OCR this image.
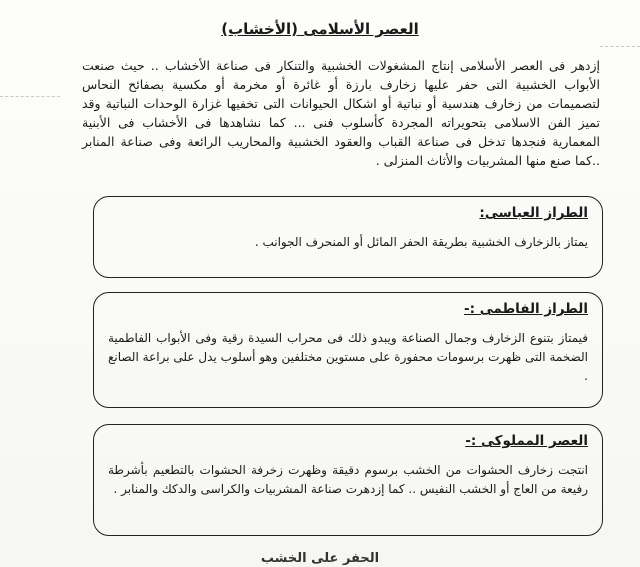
العصر الأسلامى (الأخشاب)
إزدهر فى العصر الأسلامى إنتاج المشغولات الخشبية والتنكار فى صناعة الأخشاب .. حيث صنعت الأبواب الخشبية التى حفر عليها زخارف بارزة أو غائرة أو مخرمة أو مكسية بصفائح النحاس لتصميمات من زخارف هندسية أو نباتية أو اشكال الحيوانات التى تخفيها غزارة الوحدات النباتية وقد تميز الفن الاسلامى بتحويراته المجردة كأسلوب فنى ... كما نشاهدها فى الأخشاب فى الأبنية المعمارية فنجدها تدخل فى صناعة القباب والعقود الخشبية والمحاريب الرائعة وفى صناعة المنابر ..كما صنع منها المشربيات والأثاث المنزلى .
الطراز العباسى:
يمتاز بالزخارف الخشبية بطريقة الحفر المائل أو المنحرف الجوانب .
الطراز الفاطمى :-
فيمتاز بتنوع الزخارف وجمال الصناعة ويبدو ذلك فى محراب السيدة رقية وفى الأبواب الفاطمية الضخمة التى ظهرت برسومات محفورة على مستوين مختلفين وهو أسلوب يدل على براعة الصانع .
العصر المملوكى :-
انتجت زخارف الحشوات من الخشب برسوم دقيقة وظهرت زخرفة الحشوات بالتطعيم بأشرطة رفيعة من العاج أو الخشب النفيس .. كما إزدهرت صناعة المشربيات والكراسى والدكك والمنابر .
الحفر على الخشب
